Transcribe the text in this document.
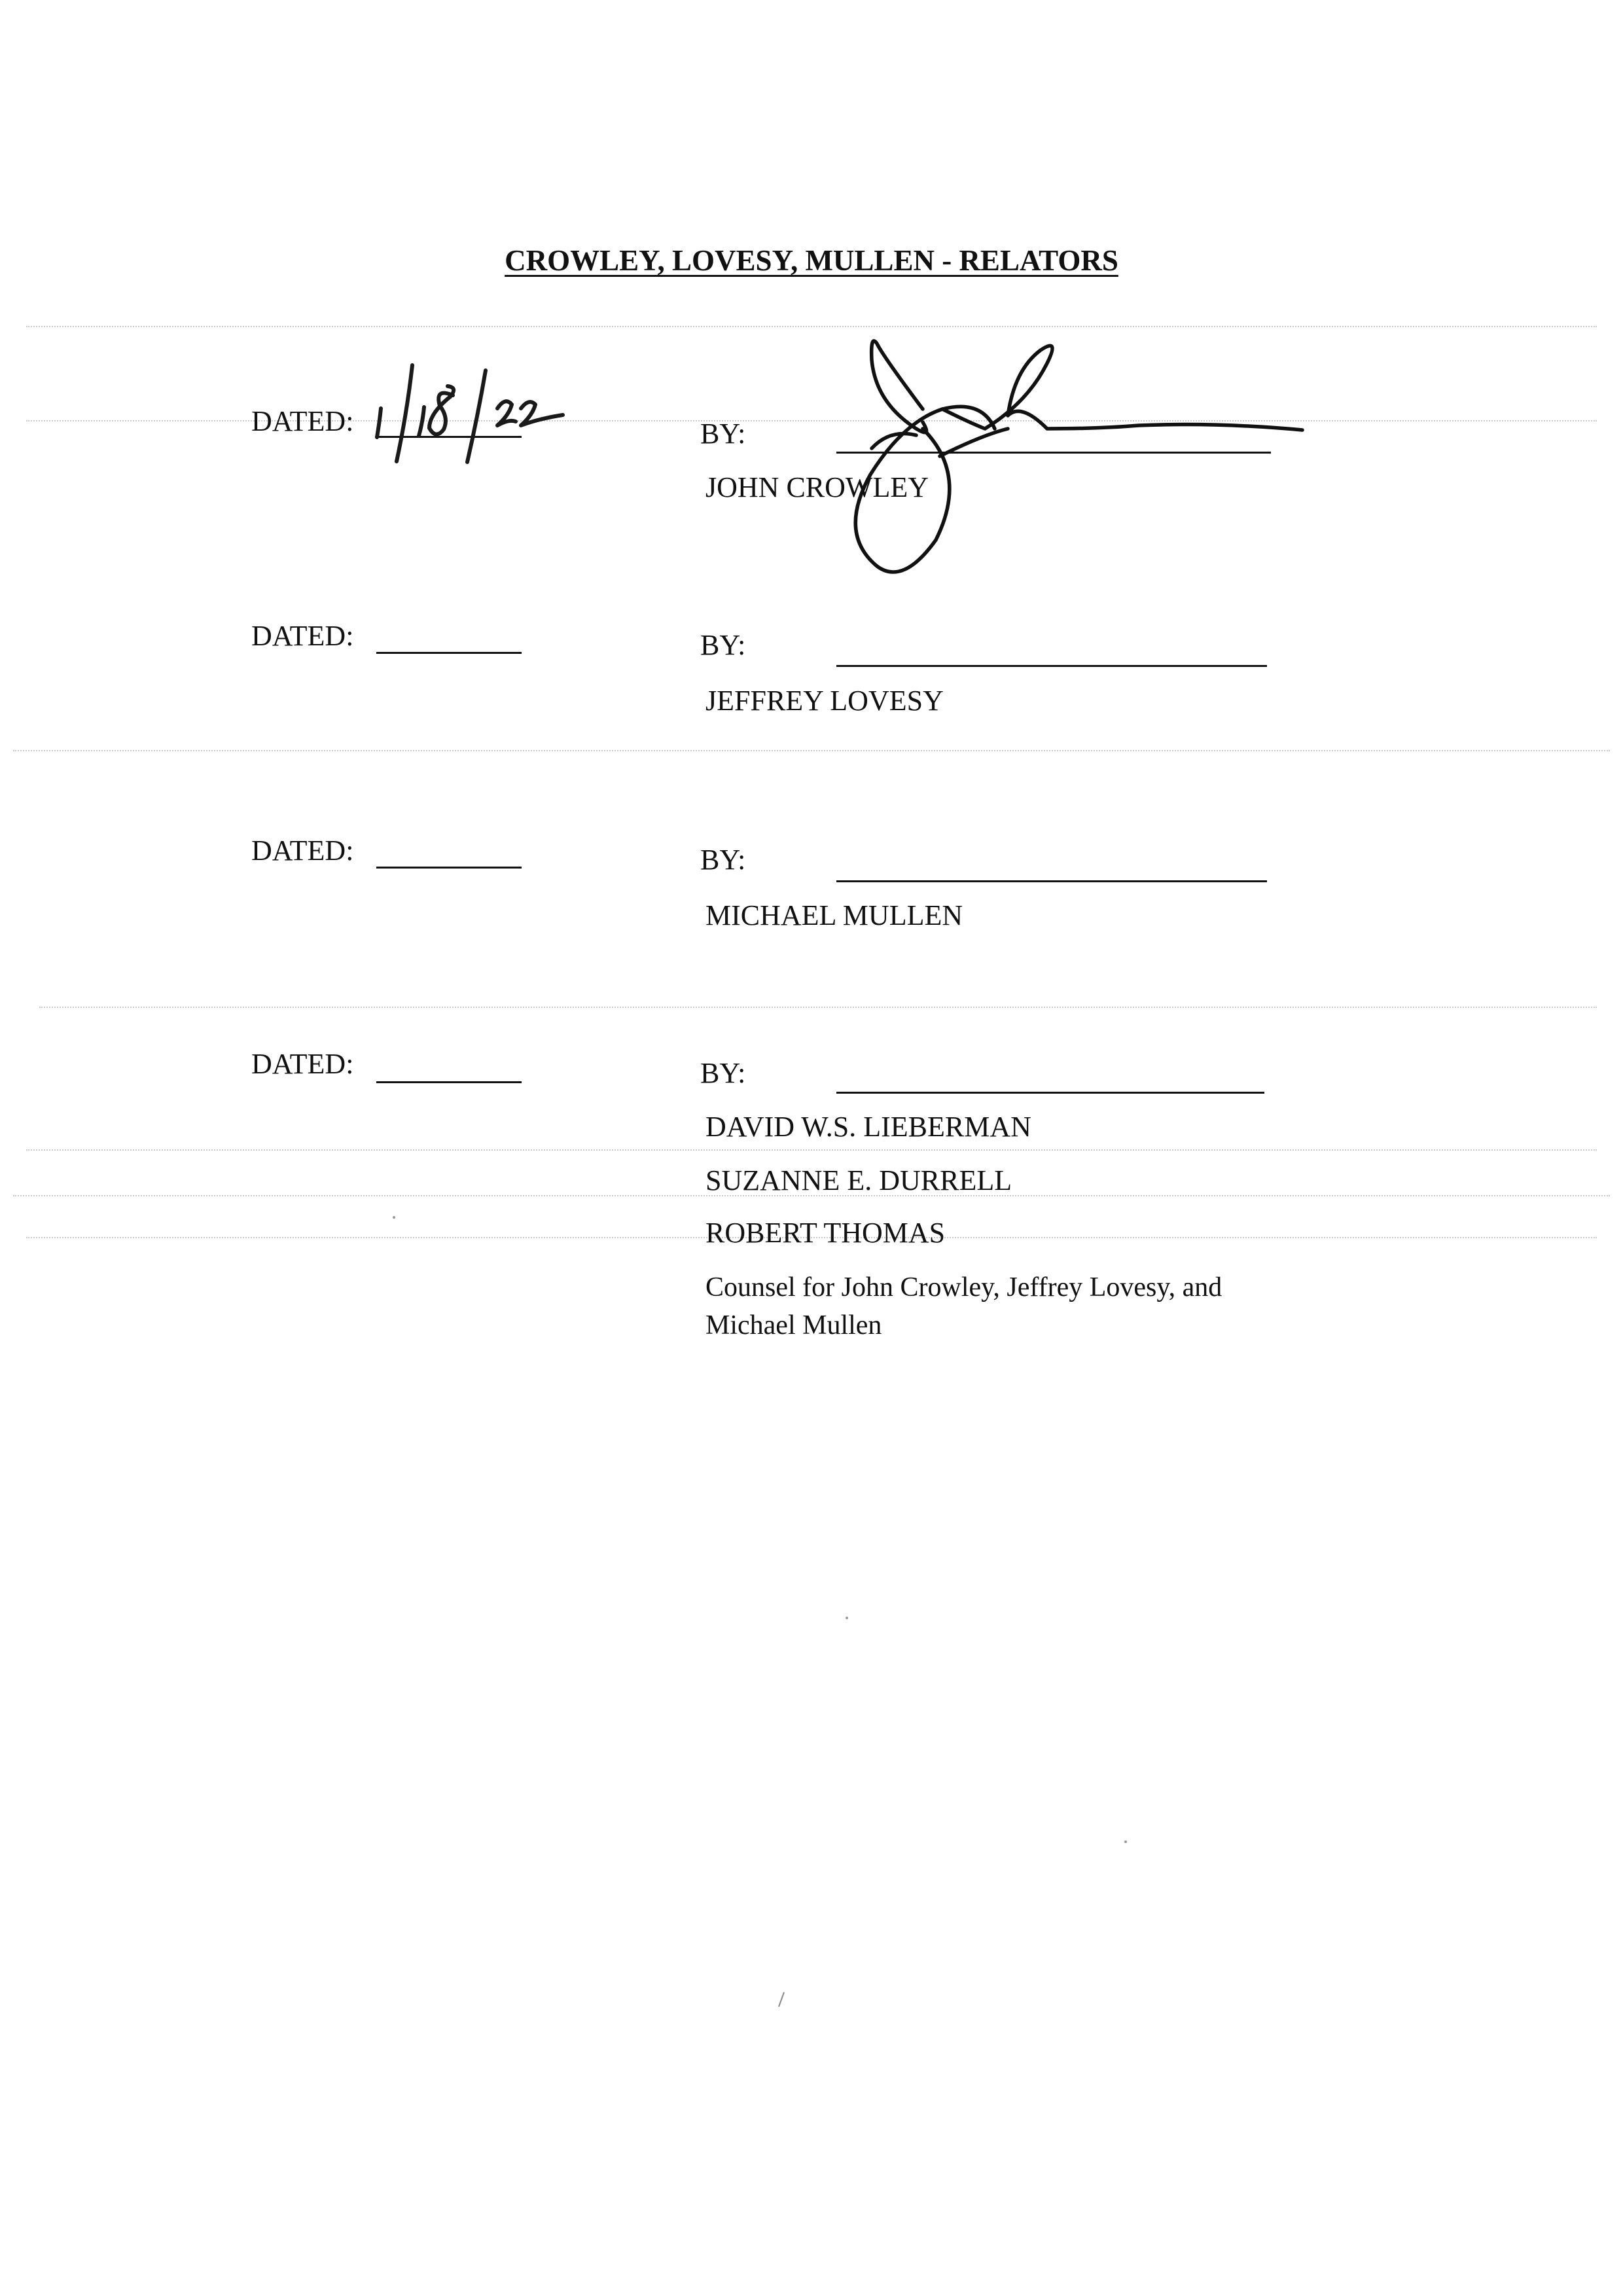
CROWLEY, LOVESY, MULLEN - RELATORS
DATED:	BY:
JOHN CROWLEY
DATED:	BY:
JEFFREY LOVESY
DATED:	BY:
MICHAEL MULLEN
DATED:	BY:
DAVID W.S. LIEBERMAN
SUZANNE E. DURRELL
ROBERT THOMAS
Counsel for John Crowley, Jeffrey Lovesy, and
Michael Mullen
